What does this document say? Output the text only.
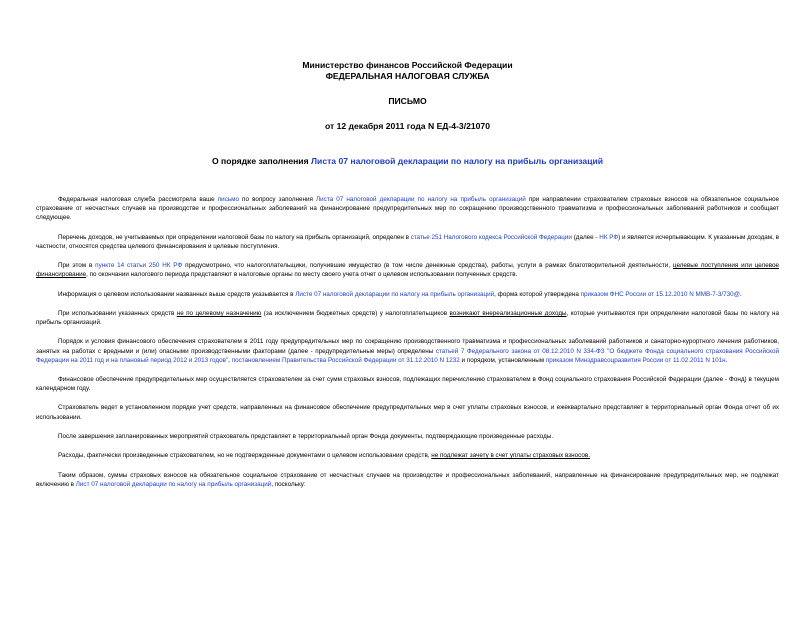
Министерство финансов Российской Федерации
ФЕДЕРАЛЬНАЯ НАЛОГОВАЯ СЛУЖБА
ПИСЬМО
от 12 декабря 2011 года N ЕД-4-3/21070
О порядке заполнения Листа 07 налоговой декларации по налогу на прибыль организаций

Федеральная налоговая служба рассмотрела ваше письмо по вопросу заполнения Листа 07 налоговой декларации по налогу на прибыль организаций при направлении страхователем страховых взносов на обязательное социальное страхование от несчастных случаев на производстве и профессиональных заболеваний на финансирование предупредительных мер по сокращению производственного травматизма и профессиональных заболеваний работников и сообщает следующее.

Перечень доходов, не учитываемых при определении налоговой базы по налогу на прибыль организаций, определен в статье 251 Налогового кодекса Российской Федерации (далее - НК РФ) и является исчерпывающим. К указанным доходам, в частности, относятся средства целевого финансирования и целевые поступления.

При этом в пункте 14 статьи 250 НК РФ предусмотрено, что налогоплательщики, получившие имущество (в том числе денежные средства), работы, услуги в рамках благотворительной деятельности, целевые поступления или целевое финансирование, по окончании налогового периода представляют в налоговые органы по месту своего учета отчет о целевом использовании полученных средств.

Информация о целевом использовании названных выше средств указывается в Листе 07 налоговой декларации по налогу на прибыль организаций, форма которой утверждена приказом ФНС России от 15.12.2010 N ММВ-7-3/730@.

При использовании указанных средств не по целевому назначению (за исключением бюджетных средств) у налогоплательщиков возникают внереализационные доходы, которые учитываются при определении налоговой базы по налогу на прибыль организаций.

Порядок и условия финансового обеспечения страхователем в 2011 году предупредительных мер по сокращению производственного травматизма и профессиональных заболеваний работников и санаторно-курортного лечения работников, занятых на работах с вредными и (или) опасными производственными факторами (далее - предупредительные меры) определены статьей 7 Федерального закона от 08.12.2010 N 334-ФЗ "О бюджете Фонда социального страхования Российской Федерации на 2011 год и на плановый период 2012 и 2013 годов", постановлением Правительства Российской Федерации от 31.12.2010 N 1232 и порядком, установленным приказом Минздравсоцразвития России от 11.02.2011 N 101н.

Финансовое обеспечение предупредительных мер осуществляется страхователем за счет сумм страховых взносов, подлежащих перечислению страхователем в Фонд социального страхования Российской Федерации (далее - Фонд) в текущем календарном году.

Страхователь ведет в установленном порядке учет средств, направленных на финансовое обеспечение предупредительных мер в счет уплаты страховых взносов, и ежеквартально представляет в территориальный орган Фонда отчет об их использовании.

После завершения запланированных мероприятий страхователь представляет в территориальный орган Фонда документы, подтверждающие произведенные расходы.

Расходы, фактически произведенные страхователем, но не подтвержденные документами о целевом использовании средств, не подлежат зачету в счет уплаты страховых взносов.

Таким образом, суммы страховых взносов на обязательное социальное страхование от несчастных случаев на производстве и профессиональных заболеваний, направленные на финансирование предупредительных мер, не подлежат включению в Лист 07 налоговой декларации по налогу на прибыль организаций, поскольку:
